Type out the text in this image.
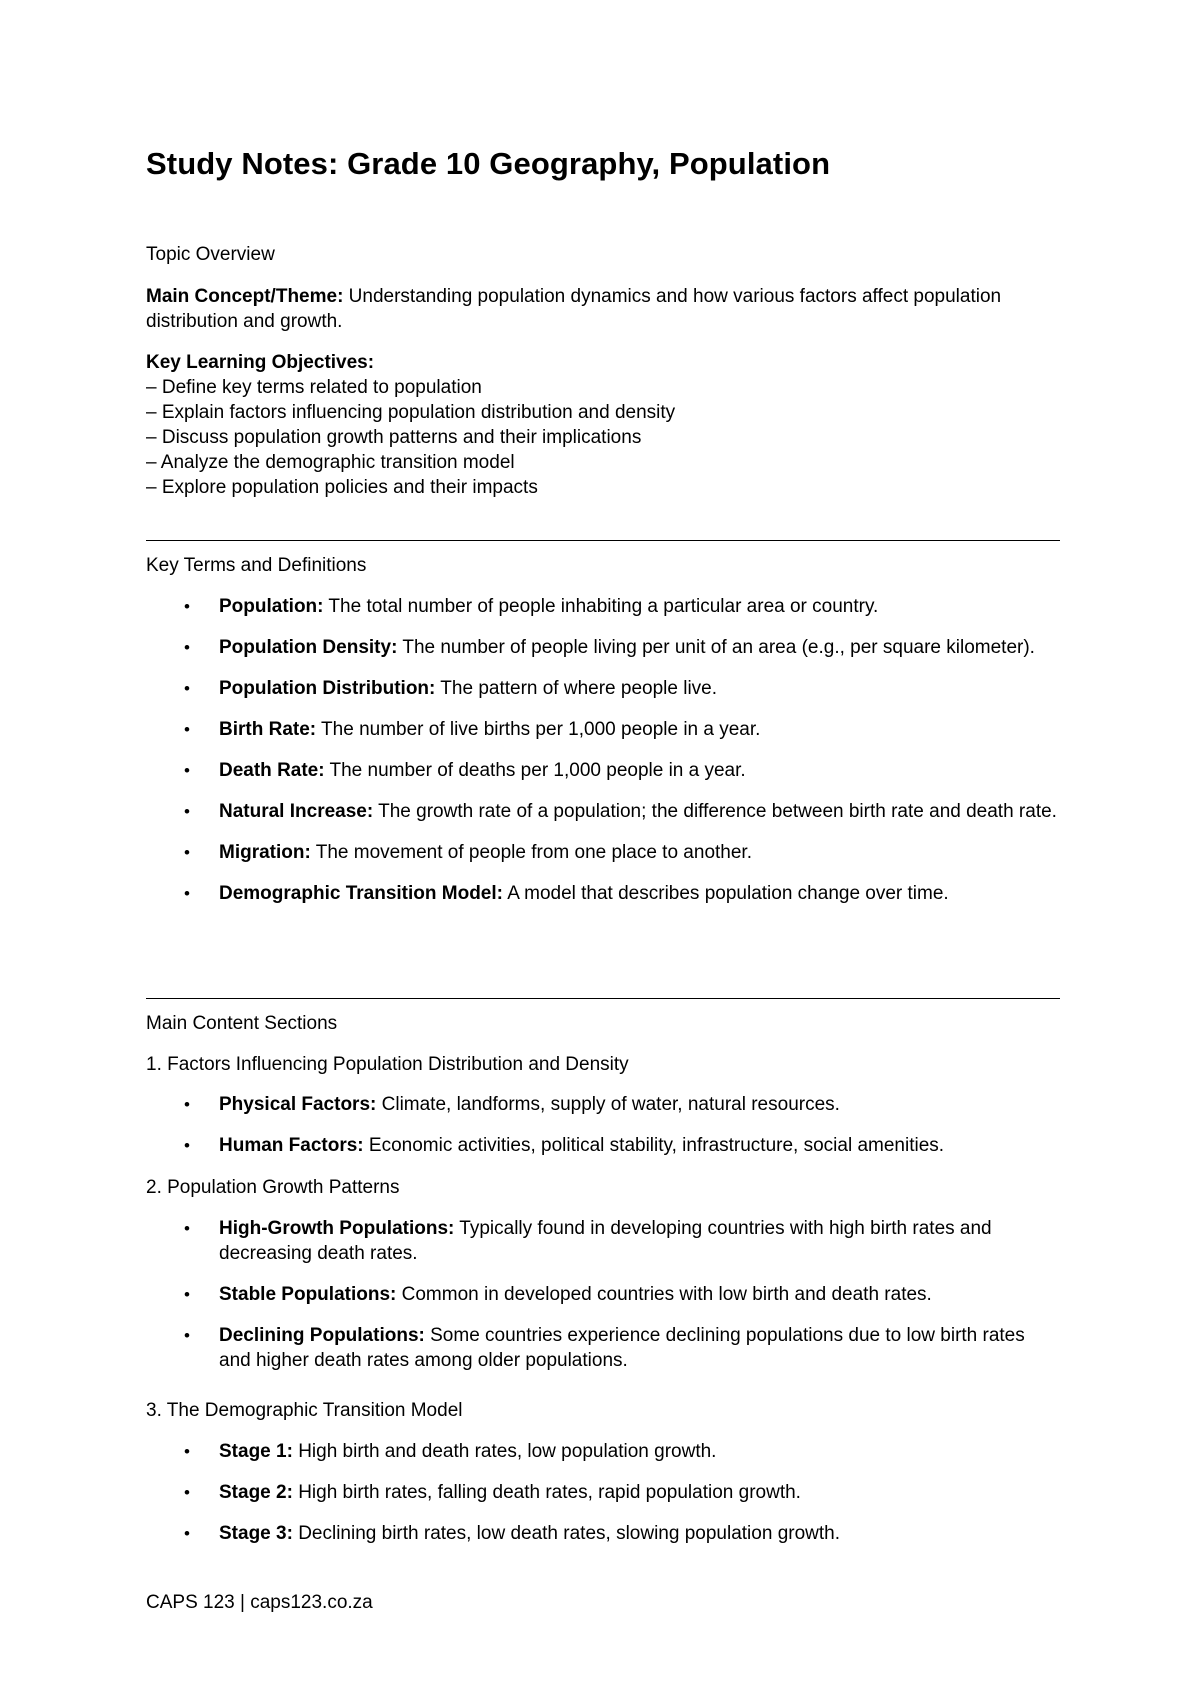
Study Notes: Grade 10 Geography, Population

Topic Overview

Main Concept/Theme: Understanding population dynamics and how various factors affect population distribution and growth.

Key Learning Objectives:
– Define key terms related to population
– Explain factors influencing population distribution and density
– Discuss population growth patterns and their implications
– Analyze the demographic transition model
– Explore population policies and their impacts

Key Terms and Definitions

• Population: The total number of people inhabiting a particular area or country.
• Population Density: The number of people living per unit of an area (e.g., per square kilometer).
• Population Distribution: The pattern of where people live.
• Birth Rate: The number of live births per 1,000 people in a year.
• Death Rate: The number of deaths per 1,000 people in a year.
• Natural Increase: The growth rate of a population; the difference between birth rate and death rate.
• Migration: The movement of people from one place to another.
• Demographic Transition Model: A model that describes population change over time.

Main Content Sections

1. Factors Influencing Population Distribution and Density

• Physical Factors: Climate, landforms, supply of water, natural resources.
• Human Factors: Economic activities, political stability, infrastructure, social amenities.

2. Population Growth Patterns

• High-Growth Populations: Typically found in developing countries with high birth rates and decreasing death rates.
• Stable Populations: Common in developed countries with low birth and death rates.
• Declining Populations: Some countries experience declining populations due to low birth rates and higher death rates among older populations.

3. The Demographic Transition Model

• Stage 1: High birth and death rates, low population growth.
• Stage 2: High birth rates, falling death rates, rapid population growth.
• Stage 3: Declining birth rates, low death rates, slowing population growth.

CAPS 123 | caps123.co.za
